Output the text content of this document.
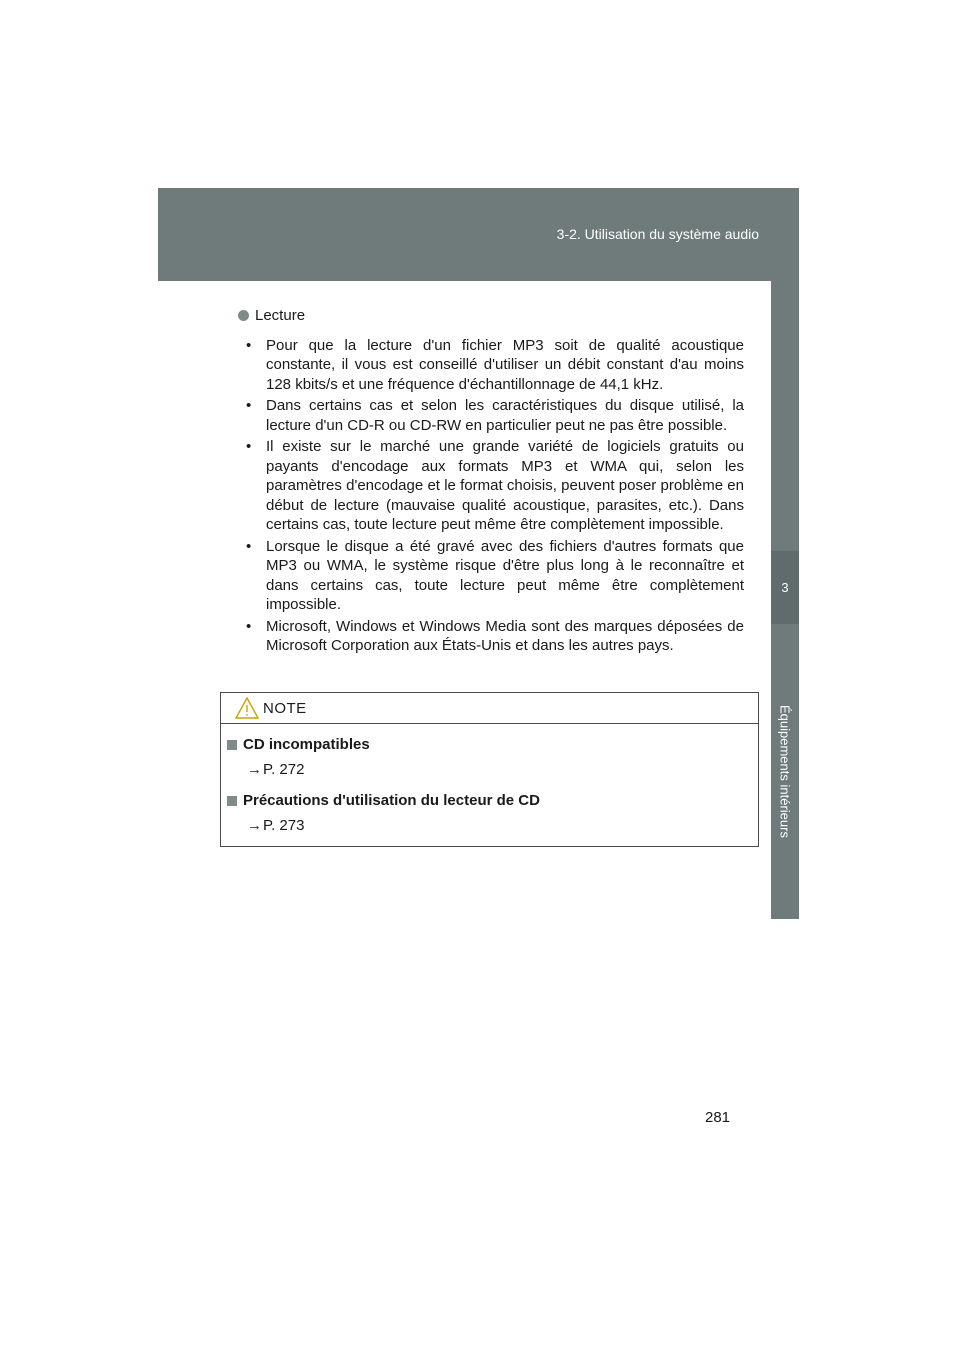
3-2. Utilisation du système audio
3
Équipements intérieurs
Lecture
• Pour que la lecture d'un fichier MP3 soit de qualité acoustique constante, il vous est conseillé d'utiliser un débit constant d'au moins 128 kbits/s et une fréquence d'échantillonnage de 44,1 kHz.
• Dans certains cas et selon les caractéristiques du disque utilisé, la lecture d'un CD-R ou CD-RW en particulier peut ne pas être possible.
• Il existe sur le marché une grande variété de logiciels gratuits ou payants d'encodage aux formats MP3 et WMA qui, selon les paramètres d'encodage et le format choisis, peuvent poser problème en début de lecture (mauvaise qualité acoustique, parasites, etc.). Dans certains cas, toute lecture peut même être complètement impossible.
• Lorsque le disque a été gravé avec des fichiers d'autres formats que MP3 ou WMA, le système risque d'être plus long à le reconnaître et dans certains cas, toute lecture peut même être complètement impossible.
• Microsoft, Windows et Windows Media sont des marques déposées de Microsoft Corporation aux États-Unis et dans les autres pays.
NOTE
CD incompatibles
→P. 272
Précautions d'utilisation du lecteur de CD
→P. 273
281
